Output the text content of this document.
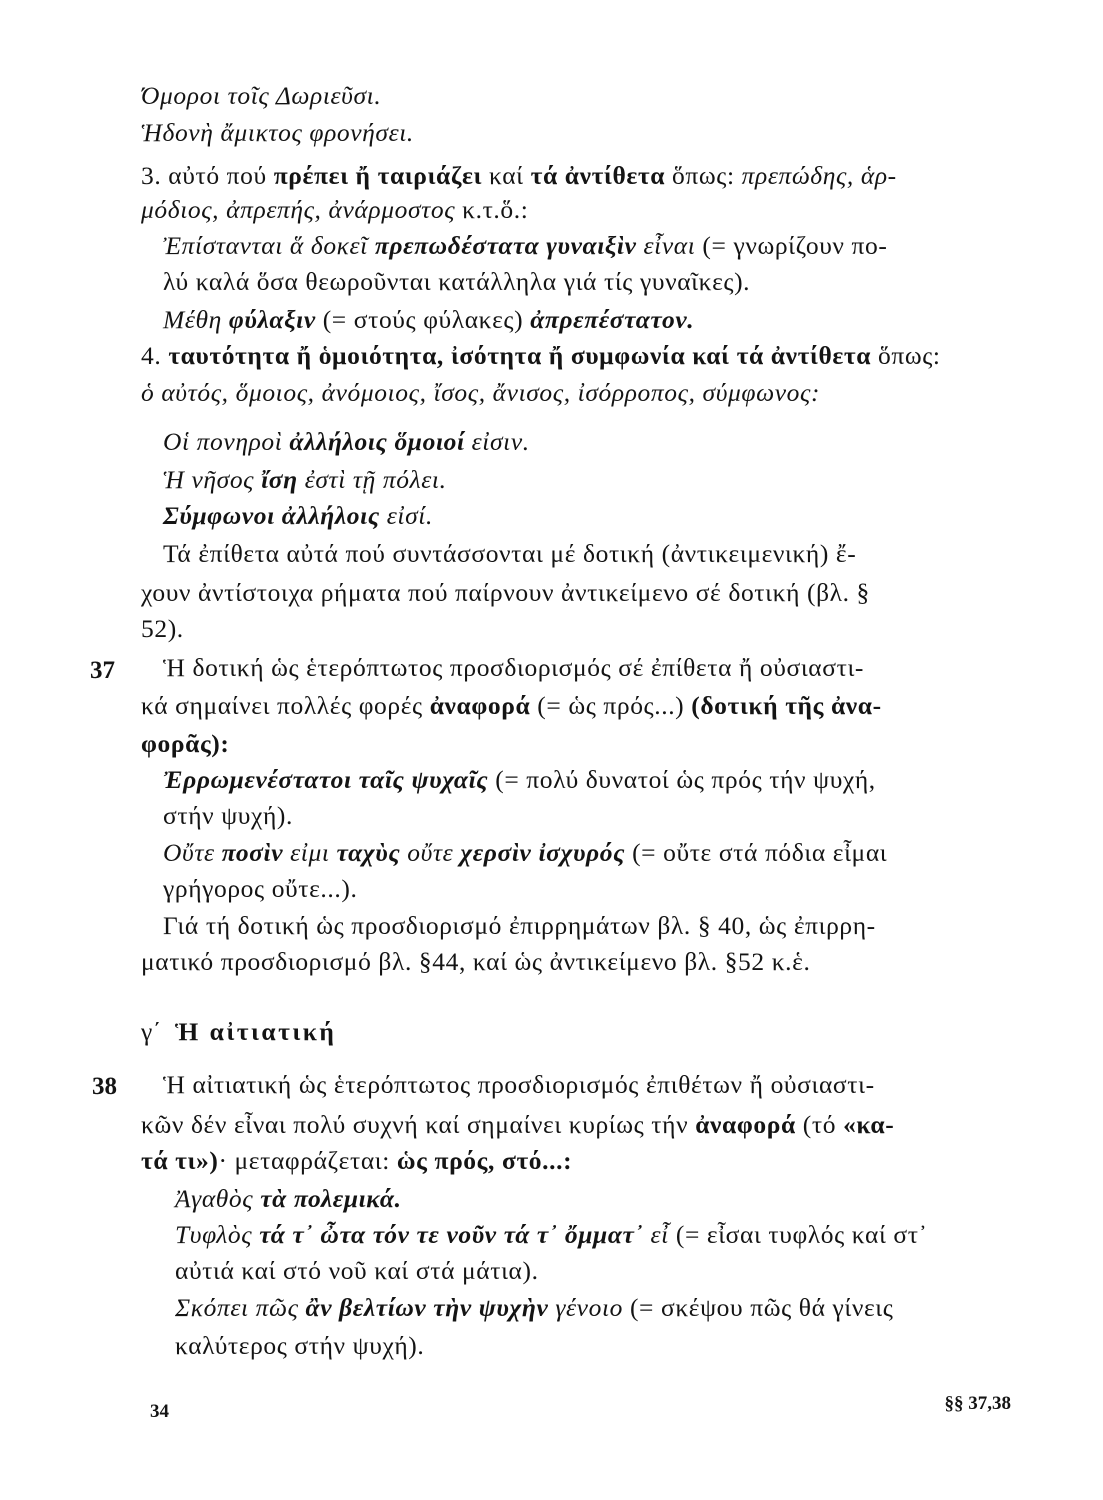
Όμοροι τοῖς Δωριεῦσι.
Ἡδονὴ ἄμικτος φρονήσει.
3. αὐτό πού πρέπει ἤ ταιριάζει καί τά ἀντίθετα ὅπως: πρεπώδης, ἁρ-
μόδιος, ἀπρεπής, ἀνάρμοστος κ.τ.ὅ.:
Ἐπίστανται ἅ δοκεῖ πρεπωδέστατα γυναιξὶν εἶναι (= γνωρίζουν πο-
λύ καλά ὅσα θεωροῦνται κατάλληλα γιά τίς γυναῖκες).
Μέθη φύλαξιν (= στούς φύλακες) ἀπρεπέστατον.
4. ταυτότητα ἤ ὁμοιότητα, ἰσότητα ἤ συμφωνία καί τά ἀντίθετα ὅπως:
ὁ αὐτός, ὅμοιος, ἀνόμοιος, ἴσος, ἄνισος, ἰσόρροπος, σύμφωνος:
Οἱ πονηροὶ ἀλλήλοις ὅμοιοί εἰσιν.
Ἡ νῆσος ἴση ἐστὶ τῇ πόλει.
Σύμφωνοι ἀλλήλοις εἰσί.
Τά ἐπίθετα αὐτά πού συντάσσονται μέ δοτική (ἀντικειμενική) ἔ-
χουν ἀντίστοιχα ρήματα πού παίρνουν ἀντικείμενο σέ δοτική (βλ. §
52).
37 Ἡ δοτική ὡς ἑτερόπτωτος προσδιορισμός σέ ἐπίθετα ἤ οὐσιαστι-
κά σημαίνει πολλές φορές ἀναφορά (= ὡς πρός...) (δοτική τῆς ἀνα-
φορᾶς):
Ἐρρωμενέστατοι ταῖς ψυχαῖς (= πολύ δυνατοί ὡς πρός τήν ψυχή,
στήν ψυχή).
Οὔτε ποσὶν εἰμι ταχὺς οὔτε χερσὶν ἰσχυρός (= οὔτε στά πόδια εἶμαι
γρήγορος οὔτε...).
Γιά τή δοτική ὡς προσδιορισμό ἐπιρρημάτων βλ. § 40, ὡς ἐπιρρη-
ματικό προσδιορισμό βλ. §44, καί ὡς ἀντικείμενο βλ. §52 κ.ἑ.
γ΄ Ἡ αἰτιατική
38 Ἡ αἰτιατική ὡς ἑτερόπτωτος προσδιορισμός ἐπιθέτων ἤ οὐσιαστι-
κῶν δέν εἶναι πολύ συχνή καί σημαίνει κυρίως τήν ἀναφορά (τό «κα-
τά τι»)· μεταφράζεται: ὡς πρός, στό...:
Ἀγαθὸς τὰ πολεμικά.
Τυφλὸς τά τ᾽ ὦτα τόν τε νοῦν τά τ᾽ ὄμματ᾽ εἶ (= εἶσαι τυφλός καί στ᾽
αὐτιά καί στό νοῦ καί στά μάτια).
Σκόπει πῶς ἂν βελτίων τὴν ψυχὴν γένοιο (= σκέψου πῶς θά γίνεις
καλύτερος στήν ψυχή).
34	§§ 37,38
